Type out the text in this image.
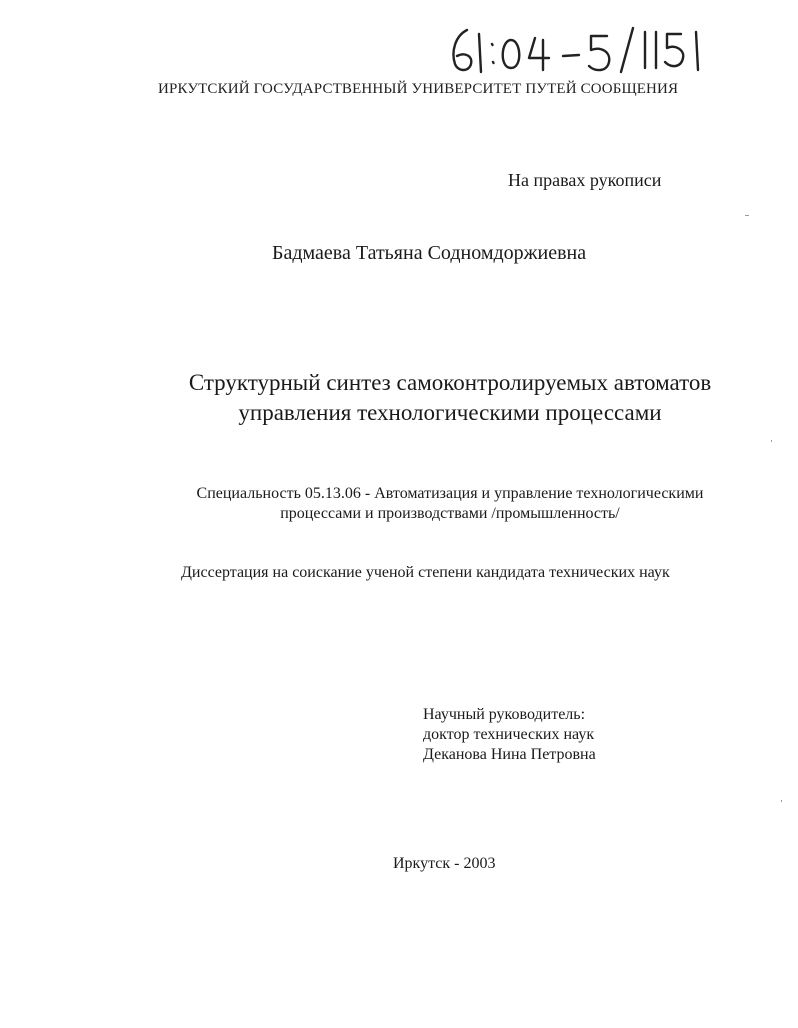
ИРКУТСКИЙ ГОСУДАРСТВЕННЫЙ УНИВЕРСИТЕТ ПУТЕЙ СООБЩЕНИЯ

На правах рукописи

Бадмаева Татьяна Содномдоржиевна

Структурный синтез самоконтролируемых автоматов
управления технологическими процессами
Специальность 05.13.06 - Автоматизация и управление технологическими
процессами и производствами /промышленность/

Диссертация на соискание ученой степени кандидата технических наук

Научный руководитель:
доктор технических наук
Деканова Нина Петровна

Иркутск - 2003
